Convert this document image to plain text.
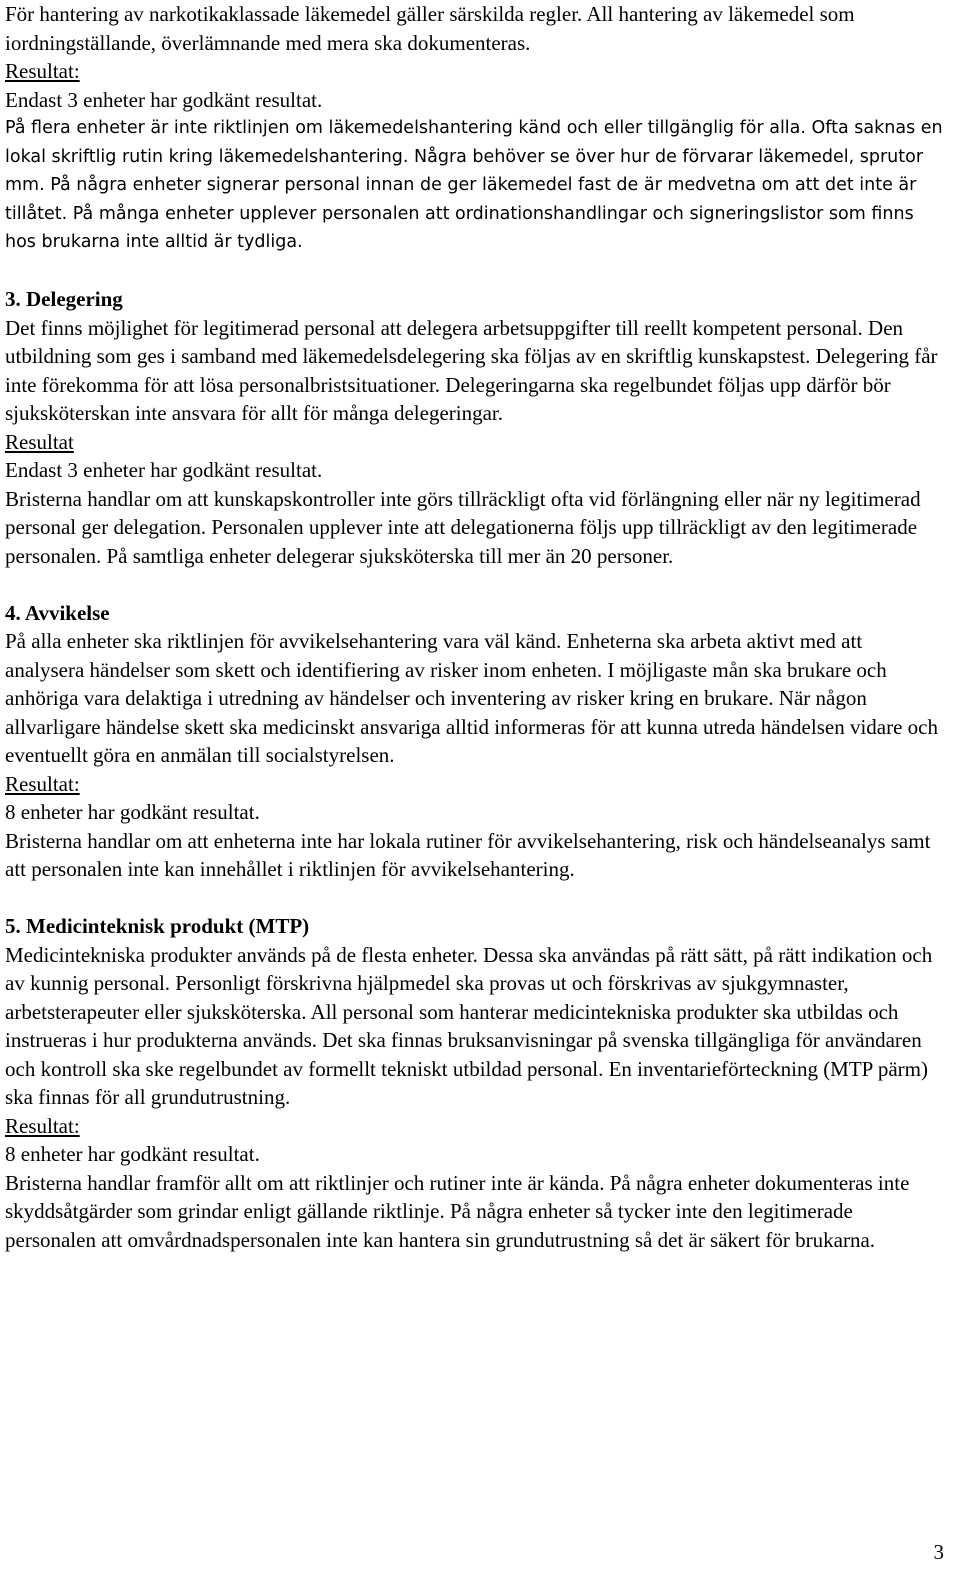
För hantering av narkotikaklassade läkemedel gäller särskilda regler. All hantering av läkemedel som iordningställande, överlämnande med mera ska dokumenteras.

Resultat:

Endast 3 enheter har godkänt resultat.

På flera enheter är inte riktlinjen om läkemedelshantering känd och eller tillgänglig för alla. Ofta saknas en lokal skriftlig rutin kring läkemedelshantering. Några behöver se över hur de förvarar läkemedel, sprutor mm. På några enheter signerar personal innan de ger läkemedel fast de är medvetna om att det inte är tillåtet. På många enheter upplever personalen att ordinationshandlingar och signeringslistor som finns hos brukarna inte alltid är tydliga.

3. Delegering

Det finns möjlighet för legitimerad personal att delegera arbetsuppgifter till reellt kompetent personal. Den utbildning som ges i samband med läkemedelsdelegering ska följas av en skriftlig kunskapstest. Delegering får inte förekomma för att lösa personalbristsituationer. Delegeringarna ska regelbundet följas upp därför bör sjuksköterskan inte ansvara för allt för många delegeringar.

Resultat

Endast 3 enheter har godkänt resultat.

Bristerna handlar om att kunskapskontroller inte görs tillräckligt ofta vid förlängning eller när ny legitimerad personal ger delegation. Personalen upplever inte att delegationerna följs upp tillräckligt av den legitimerade personalen. På samtliga enheter delegerar sjuksköterska till mer än 20 personer.

4. Avvikelse

På alla enheter ska riktlinjen för avvikelsehantering vara väl känd. Enheterna ska arbeta aktivt med att analysera händelser som skett och identifiering av risker inom enheten. I möjligaste mån ska brukare och anhöriga vara delaktiga i utredning av händelser och inventering av risker kring en brukare. När någon allvarligare händelse skett ska medicinskt ansvariga alltid informeras för att kunna utreda händelsen vidare och eventuellt göra en anmälan till socialstyrelsen.

Resultat:

8 enheter har godkänt resultat.

Bristerna handlar om att enheterna inte har lokala rutiner för avvikelsehantering, risk och händelseanalys samt att personalen inte kan innehållet i riktlinjen för avvikelsehantering.

5. Medicinteknisk produkt (MTP)

Medicintekniska produkter används på de flesta enheter. Dessa ska användas på rätt sätt, på rätt indikation och av kunnig personal. Personligt förskrivna hjälpmedel ska provas ut och förskrivas av sjukgymnaster, arbetsterapeuter eller sjuksköterska. All personal som hanterar medicintekniska produkter ska utbildas och instrueras i hur produkterna används. Det ska finnas bruksanvisningar på svenska tillgängliga för användaren och kontroll ska ske regelbundet av formellt tekniskt utbildad personal. En inventarieförteckning (MTP pärm) ska finnas för all grundutrustning.

Resultat:

8 enheter har godkänt resultat.

Bristerna handlar framför allt om att riktlinjer och rutiner inte är kända. På några enheter dokumenteras inte skyddsåtgärder som grindar enligt gällande riktlinje. På några enheter så tycker inte den legitimerade personalen att omvårdnadspersonalen inte kan hantera sin grundutrustning så det är säkert för brukarna.

3
